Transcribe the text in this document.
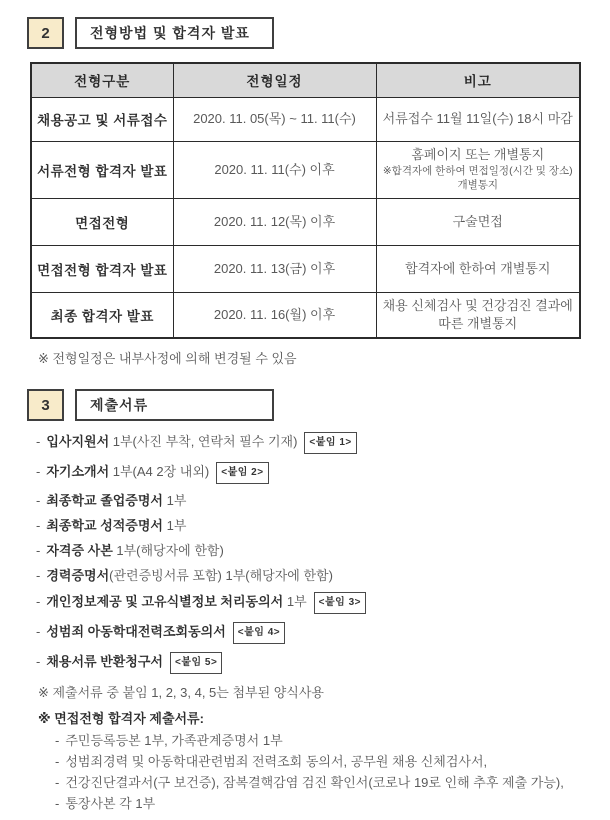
2	전형방법 및 합격자 발표
전형구분	전형일정	비고
채용공고 및 서류접수	2020. 11. 05(목) ~ 11. 11(수)	서류접수 11월 11일(수) 18시 마감

서류전형 합격자 발표	2020. 11. 11(수) 이후	홈페이지 또는 개별통지
※합격자에 한하여 면접일정(시간 및 장소) 개별통지

면접전형	2020. 11. 12(목) 이후	구술면접

면접전형 합격자 발표	2020. 11. 13(금) 이후	합격자에 한하여 개별통지

최종 합격자 발표	2020. 11. 16(월) 이후	채용 신체검사 및 건강검진 결과에 따른 개별통지
※ 전형일정은 내부사정에 의해 변경될 수 있음
3	제출서류
- 입사지원서 1부(사진 부착, 연락처 필수 기재) <붙임 1>
- 자기소개서 1부(A4 2장 내외) <붙임 2>
- 최종학교 졸업증명서 1부
- 최종학교 성적증명서 1부
- 자격증 사본 1부(해당자에 한함)
- 경력증명서(관련증빙서류 포함) 1부(해당자에 한함)
- 개인정보제공 및 고유식별정보 처리동의서 1부 <붙임 3>
- 성범죄 아동학대전력조회동의서 <붙임 4>
- 채용서류 반환청구서 <붙임 5>
※ 제출서류 중 붙임 1, 2, 3, 4, 5는 첨부된 양식사용
※ 면접전형 합격자 제출서류:
- 주민등록등본 1부, 가족관계증명서 1부
- 성범죄경력 및 아동학대관련범죄 전력조회 동의서, 공무원 채용 신체검사서,
- 건강진단결과서(구 보건증), 잠복결핵감염 검진 확인서(코로나 19로 인해 추후 제출 가능),
- 통장사본 각 1부
